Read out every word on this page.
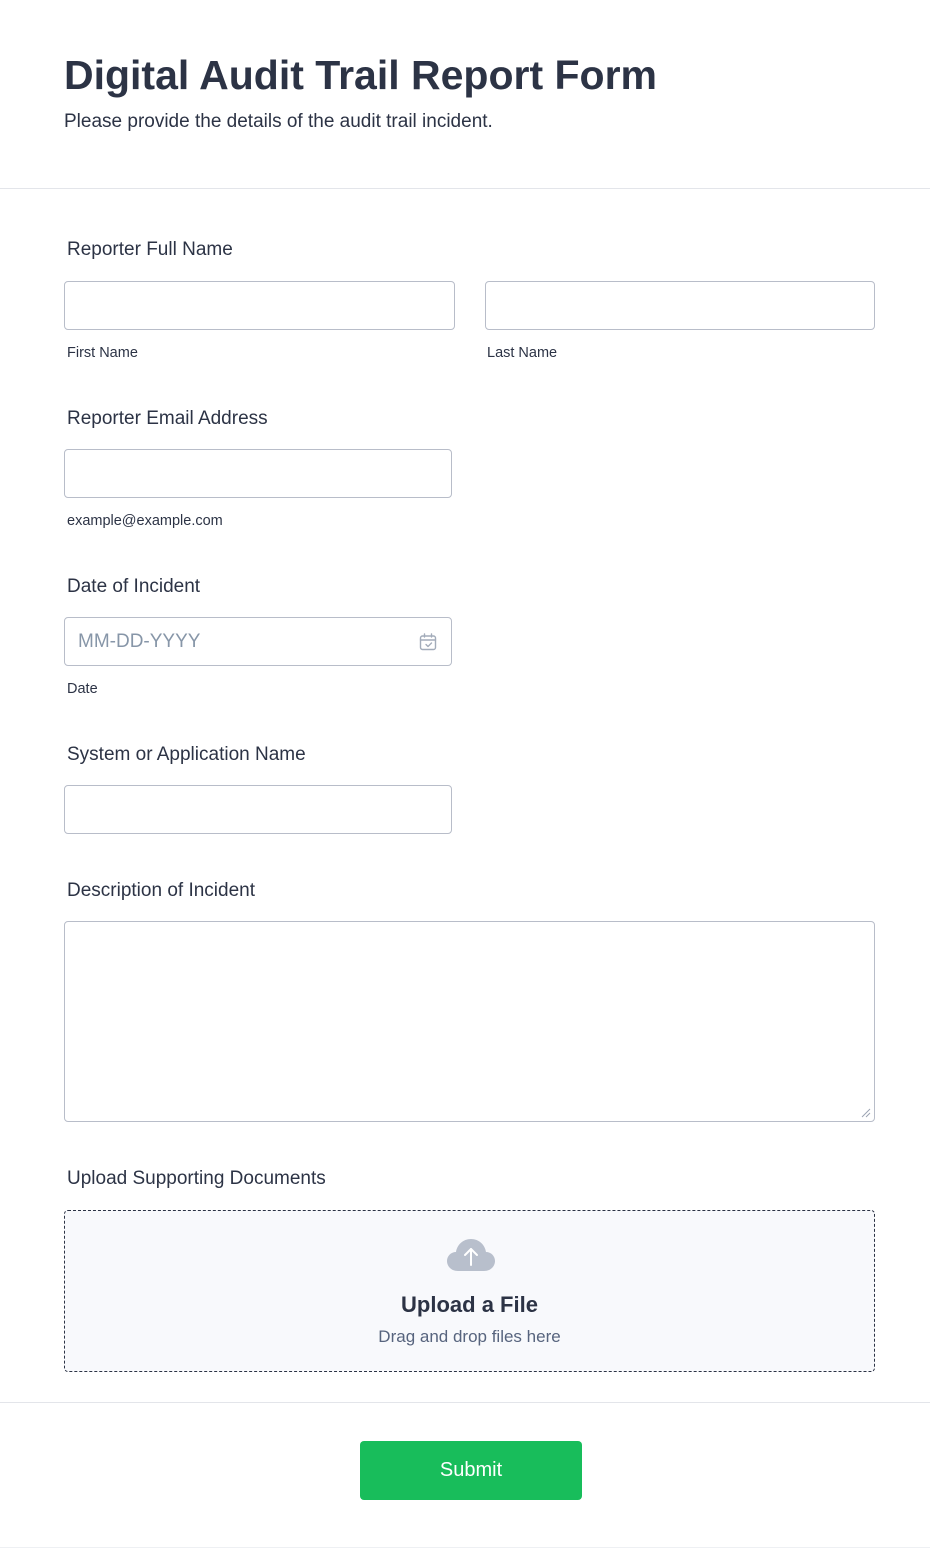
Digital Audit Trail Report Form

Please provide the details of the audit trail incident.

Reporter Full Name
First Name	Last Name
Reporter Email Address
example@example.com
Date of Incident
MM-DD-YYYY
Date
System or Application Name
Description of Incident
Upload Supporting Documents
Upload a File
Drag and drop files here
Submit
